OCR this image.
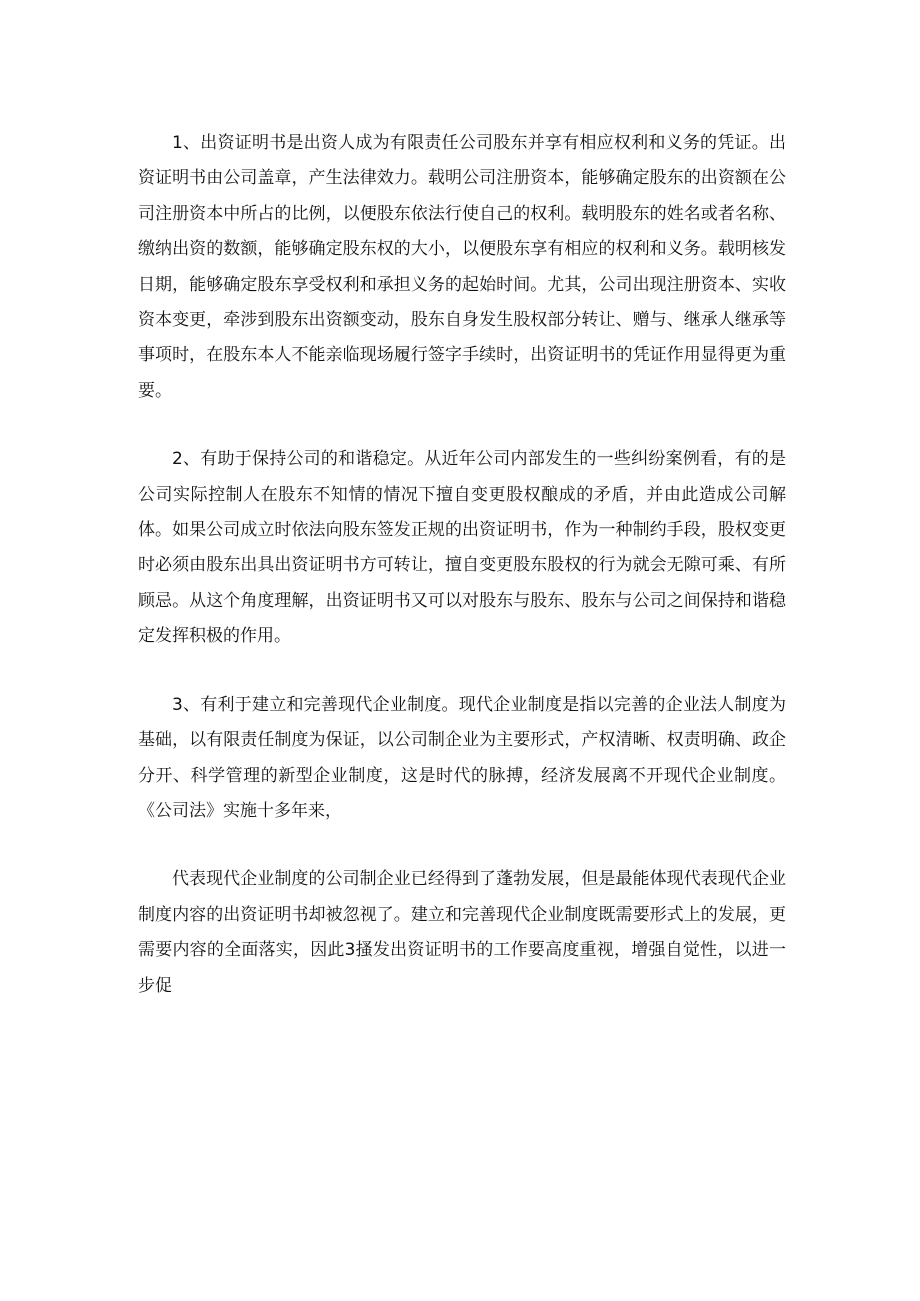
1、出资证明书是出资人成为有限责任公司股东并享有相应权利和义务的凭证。出资证明书由公司盖章，产生法律效力。载明公司注册资本，能够确定股东的出资额在公司注册资本中所占的比例，以便股东依法行使自己的权利。载明股东的姓名或者名称、缴纳出资的数额，能够确定股东权的大小，以便股东享有相应的权利和义务。载明核发日期，能够确定股东享受权利和承担义务的起始时间。尤其，公司出现注册资本、实收资本变更，牵涉到股东出资额变动，股东自身发生股权部分转让、赠与、继承人继承等事项时，在股东本人不能亲临现场履行签字手续时，出资证明书的凭证作用显得更为重要。

2、有助于保持公司的和谐稳定。从近年公司内部发生的一些纠纷案例看，有的是公司实际控制人在股东不知情的情况下擅自变更股权酿成的矛盾，并由此造成公司解体。如果公司成立时依法向股东签发正规的出资证明书，作为一种制约手段，股权变更时必须由股东出具出资证明书方可转让，擅自变更股东股权的行为就会无隙可乘、有所顾忌。从这个角度理解，出资证明书又可以对股东与股东、股东与公司之间保持和谐稳定发挥积极的作用。

3、有利于建立和完善现代企业制度。现代企业制度是指以完善的企业法人制度为基础，以有限责任制度为保证，以公司制企业为主要形式，产权清晰、权责明确、政企分开、科学管理的新型企业制度，这是时代的脉搏，经济发展离不开现代企业制度。《公司法》实施十多年来，

代表现代企业制度的公司制企业已经得到了蓬勃发展，但是最能体现代表现代企业制度内容的出资证明书却被忽视了。建立和完善现代企业制度既需要形式上的发展，更需要内容的全面落实，因此3搔发出资证明书的工作要高度重视，增强自觉性，以进一步促
